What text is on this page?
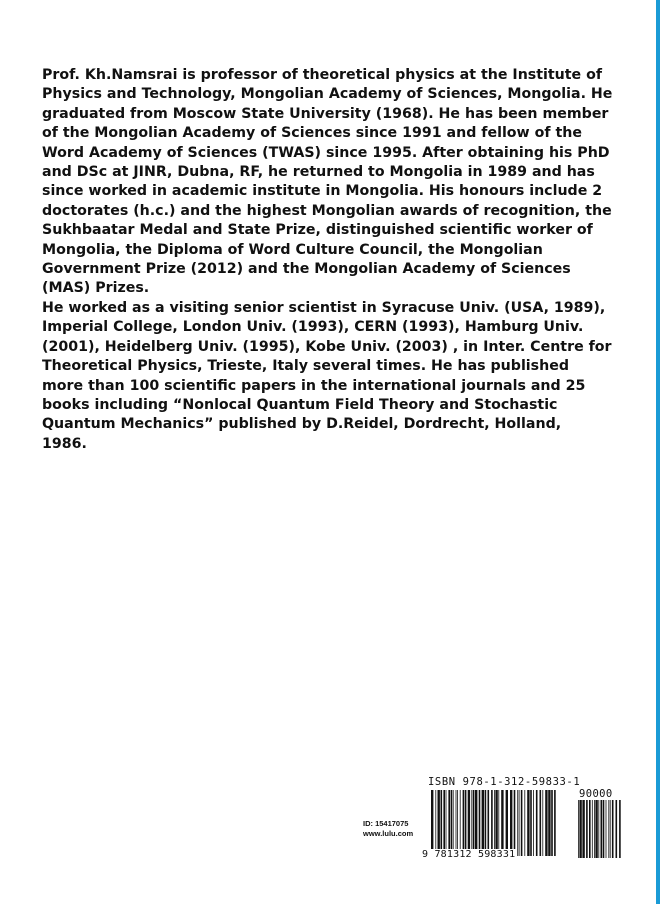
Prof. Kh.Namsrai is professor of theoretical physics at the Institute of
Physics and Technology, Mongolian Academy of Sciences, Mongolia. He
graduated from Moscow State University (1968). He has been member
of the Mongolian Academy of Sciences since 1991 and fellow of the
Word Academy of Sciences (TWAS) since 1995. After obtaining his PhD
and DSc at JINR, Dubna, RF, he returned to Mongolia in 1989 and has
since worked in academic institute in Mongolia. His honours include 2
doctorates (h.c.) and the highest Mongolian awards of recognition, the
Sukhbaatar Medal and State Prize, distinguished scientific worker of
Mongolia, the Diploma of Word Culture Council, the Mongolian
Government Prize (2012) and the Mongolian Academy of Sciences
(MAS) Prizes.
He worked as a visiting senior scientist in Syracuse Univ. (USA, 1989),
Imperial College, London Univ. (1993), CERN (1993), Hamburg Univ.
(2001), Heidelberg Univ. (1995), Kobe Univ. (2003) , in Inter. Centre for
Theoretical Physics, Trieste, Italy several times. He has published
more than 100 scientific papers in the international journals and 25
books including “Nonlocal Quantum Field Theory and Stochastic
Quantum Mechanics” published by D.Reidel, Dordrecht, Holland,
1986.
ID: 15417075
www.lulu.com
ISBN 978-1-312-59833-1
90000
9 781312 598331
